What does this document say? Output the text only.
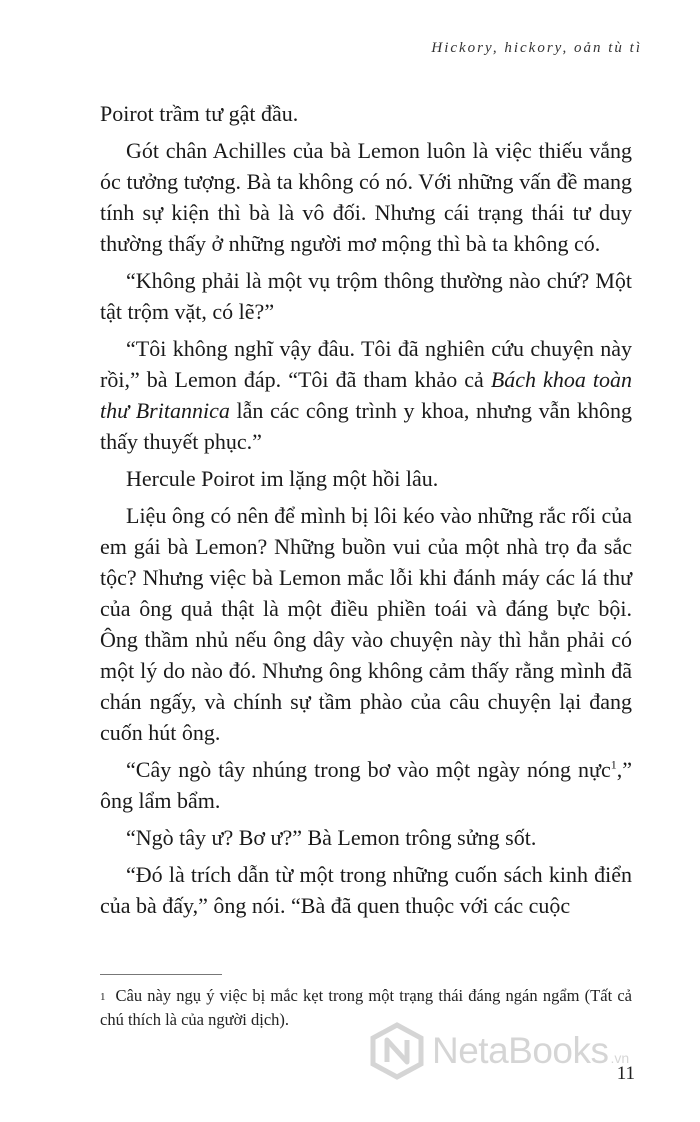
Hickory, hickory, oản tù tì

Poirot trầm tư gật đầu.

Gót chân Achilles của bà Lemon luôn là việc thiếu vắng óc tưởng tượng. Bà ta không có nó. Với những vấn đề mang tính sự kiện thì bà là vô đối. Nhưng cái trạng thái tư duy thường thấy ở những người mơ mộng thì bà ta không có.

“Không phải là một vụ trộm thông thường nào chứ? Một tật trộm vặt, có lẽ?”

“Tôi không nghĩ vậy đâu. Tôi đã nghiên cứu chuyện này rồi,” bà Lemon đáp. “Tôi đã tham khảo cả Bách khoa toàn thư Britannica lẫn các công trình y khoa, nhưng vẫn không thấy thuyết phục.”

Hercule Poirot im lặng một hồi lâu.

Liệu ông có nên để mình bị lôi kéo vào những rắc rối của em gái bà Lemon? Những buồn vui của một nhà trọ đa sắc tộc? Nhưng việc bà Lemon mắc lỗi khi đánh máy các lá thư của ông quả thật là một điều phiền toái và đáng bực bội. Ông thầm nhủ nếu ông dây vào chuyện này thì hẳn phải có một lý do nào đó. Nhưng ông không cảm thấy rằng mình đã chán ngấy, và chính sự tầm phào của câu chuyện lại đang cuốn hút ông.

“Cây ngò tây nhúng trong bơ vào một ngày nóng nực$^1$,” ông lẩm bẩm.

“Ngò tây ư? Bơ ư?” Bà Lemon trông sửng sốt.

“Đó là trích dẫn từ một trong những cuốn sách kinh điển của bà đấy,” ông nói. “Bà đã quen thuộc với các cuộc

$^1$ Câu này ngụ ý việc bị mắc kẹt trong một trạng thái đáng ngán ngẩm (Tất cả chú thích là của người dịch).
NetaBooks .vn
11
